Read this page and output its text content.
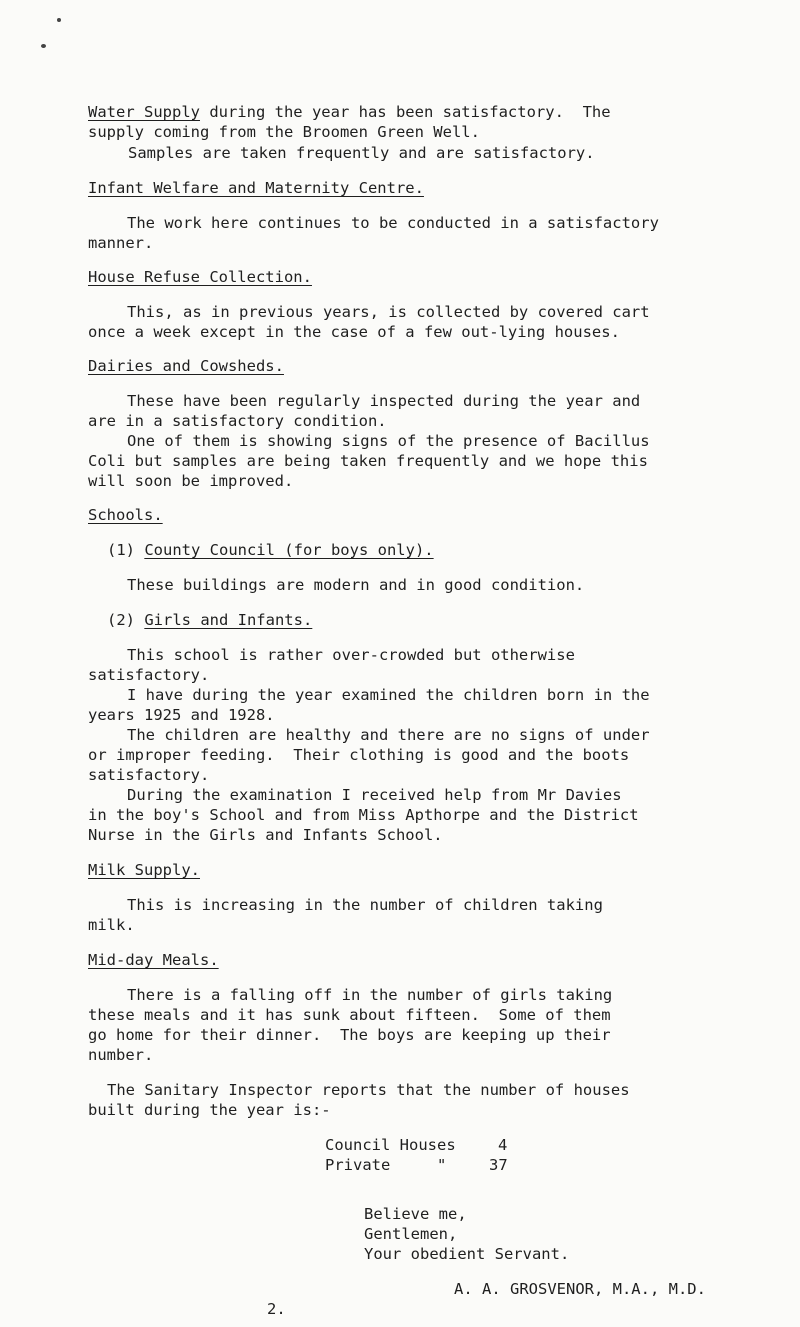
Water Supply during the year has been satisfactory.  The
supply coming from the Broomen Green Well.
Samples are taken frequently and are satisfactory.
Infant Welfare and Maternity Centre.
The work here continues to be conducted in a satisfactory
manner.
House Refuse Collection.
This, as in previous years, is collected by covered cart
once a week except in the case of a few out-lying houses.
Dairies and Cowsheds.
These have been regularly inspected during the year and
are in a satisfactory condition.
One of them is showing signs of the presence of Bacillus
Coli but samples are being taken frequently and we hope this
will soon be improved.
Schools.
(1) County Council (for boys only).
These buildings are modern and in good condition.
(2) Girls and Infants.
This school is rather over-crowded but otherwise
satisfactory.
I have during the year examined the children born in the
years 1925 and 1928.
The children are healthy and there are no signs of under
or improper feeding.  Their clothing is good and the boots
satisfactory.
During the examination I received help from Mr Davies
in the boy's School and from Miss Apthorpe and the District
Nurse in the Girls and Infants School.
Milk Supply.
This is increasing in the number of children taking
milk.
Mid-day Meals.
There is a falling off in the number of girls taking
these meals and it has sunk about fifteen.  Some of them
go home for their dinner.  The boys are keeping up their
number.
The Sanitary Inspector reports that the number of houses
built during the year is:-
Council Houses	4
Private     "	37
Believe me,
Gentlemen,
Your obedient Servant.
A. A. GROSVENOR, M.A., M.D.
2.
